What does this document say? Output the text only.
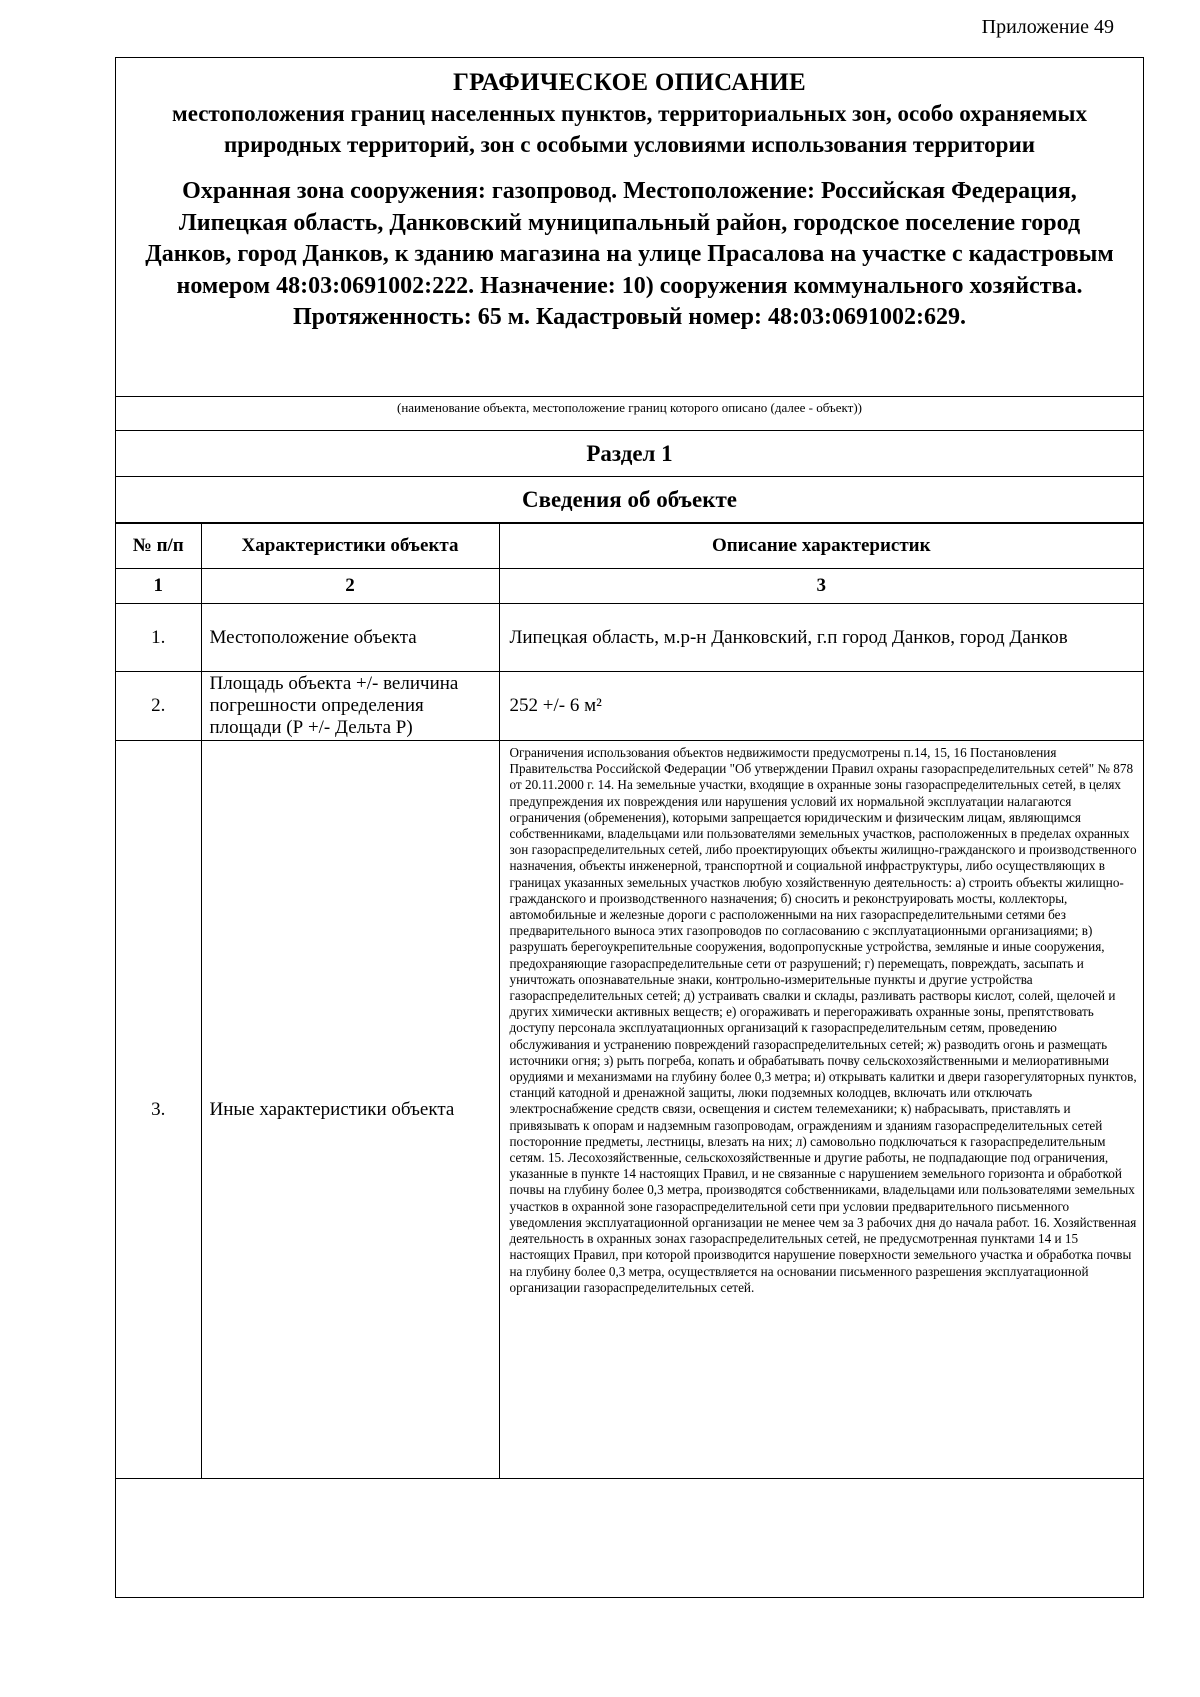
Приложение 49
ГРАФИЧЕСКОЕ ОПИСАНИЕ
местоположения границ населенных пунктов, территориальных зон, особо охраняемых природных территорий, зон с особыми условиями использования территории
Охранная зона сооружения: газопровод. Местоположение: Российская Федерация, Липецкая область, Данковский муниципальный район, городское поселение город Данков, город Данков, к зданию магазина на улице Прасалова на участке с кадастровым номером 48:03:0691002:222. Назначение: 10) сооружения коммунального хозяйства. Протяженность: 65 м. Кадастровый номер: 48:03:0691002:629.
(наименование объекта, местоположение границ которого описано (далее - объект))
Раздел 1
Сведения об объекте
№ п/п	Характеристики объекта	Описание характеристик
1	2	3
1.	Местоположение объекта	Липецкая область, м.р-н Данковский, г.п город Данков, город Данков
2.	Площадь объекта +/- величина погрешности определения площади (Р +/- Дельта Р)	252 +/- 6 м²
3.	Иные характеристики объекта	Ограничения использования объектов недвижимости предусмотрены п.14, 15, 16 Постановления Правительства Российской Федерации "Об утверждении Правил охраны газораспределительных сетей" № 878 от 20.11.2000 г. 14. На земельные участки, входящие в охранные зоны газораспределительных сетей, в целях предупреждения их повреждения или нарушения условий их нормальной эксплуатации налагаются ограничения (обременения), которыми запрещается юридическим и физическим лицам, являющимся собственниками, владельцами или пользователями земельных участков, расположенных в пределах охранных зон газораспределительных сетей, либо проектирующих объекты жилищно-гражданского и производственного назначения, объекты инженерной, транспортной и социальной инфраструктуры, либо осуществляющих в границах указанных земельных участков любую хозяйственную деятельность: а) строить объекты жилищно-гражданского и производственного назначения; б) сносить и реконструировать мосты, коллекторы, автомобильные и железные дороги с расположенными на них газораспределительными сетями без предварительного выноса этих газопроводов по согласованию с эксплуатационными организациями; в) разрушать берегоукрепительные сооружения, водопропускные устройства, земляные и иные сооружения, предохраняющие газораспределительные сети от разрушений; г) перемещать, повреждать, засыпать и уничтожать опознавательные знаки, контрольно-измерительные пункты и другие устройства газораспределительных сетей; д) устраивать свалки и склады, разливать растворы кислот, солей, щелочей и других химически активных веществ; е) огораживать и перегораживать охранные зоны, препятствовать доступу персонала эксплуатационных организаций к газораспределительным сетям, проведению обслуживания и устранению повреждений газораспределительных сетей; ж) разводить огонь и размещать источники огня; з) рыть погреба, копать и обрабатывать почву сельскохозяйственными и мелиоративными орудиями и механизмами на глубину более 0,3 метра; и) открывать калитки и двери газорегуляторных пунктов, станций катодной и дренажной защиты, люки подземных колодцев, включать или отключать электроснабжение средств связи, освещения и систем телемеханики; к) набрасывать, приставлять и привязывать к опорам и надземным газопроводам, ограждениям и зданиям газораспределительных сетей посторонние предметы, лестницы, влезать на них; л) самовольно подключаться к газораспределительным сетям. 15. Лесохозяйственные, сельскохозяйственные и другие работы, не подпадающие под ограничения, указанные в пункте 14 настоящих Правил, и не связанные с нарушением земельного горизонта и обработкой почвы на глубину более 0,3 метра, производятся собственниками, владельцами или пользователями земельных участков в охранной зоне газораспределительной сети при условии предварительного письменного уведомления эксплуатационной организации не менее чем за 3 рабочих дня до начала работ. 16. Хозяйственная деятельность в охранных зонах газораспределительных сетей, не предусмотренная пунктами 14 и 15 настоящих Правил, при которой производится нарушение поверхности земельного участка и обработка почвы на глубину более 0,3 метра, осуществляется на основании письменного разрешения эксплуатационной организации газораспределительных сетей.
